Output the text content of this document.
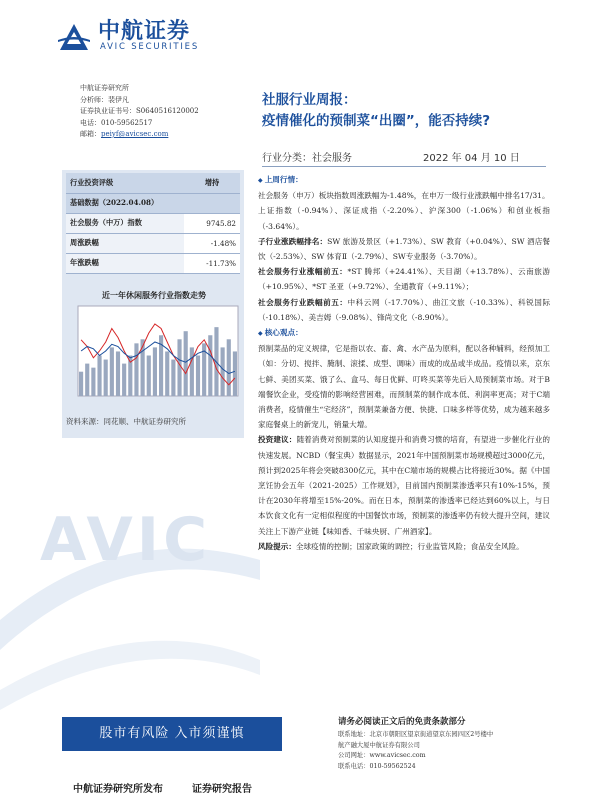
中航证券
AVIC SECURITIES
中航证券研究所
分析师：裴伊凡
证券执业证书号：S0640516120002
电话：010-59562517
邮箱：peiyf@avicsec.com
社服行业周报：
疫情催化的预制菜“出圈”，能否持续?
行业分类：社会服务	2022 年 04 月 10 日
AVIC
行业投资评级	增持
基础数据（2022.04.08）	
社会服务（中万）指数	9745.82
周涨跌幅	-1.48%
年涨跌幅	-11.73%
近一年休闲服务行业指数走势
资料来源：同花顺、中航证券研究所
◆ 上周行情：

社会服务（申万）板块指数周涨跌幅为-1.48%，在申万一级行业涨跌幅中排名17/31。

上证指数（-0.94%）、深证成指（-2.20%）、沪深300（-1.06%）和创业板指（-3.64%）。

子行业涨跌幅排名：SW 旅游及景区（+1.73%）、SW 教育（+0.04%）、SW 酒店餐饮（-2.53%）、SW 体育Ⅱ（-2.79%）、SW专业服务（-3.70%）。

社会服务行业涨幅前五：*ST 腾邦（+24.41%）、天目湖（+13.78%）、云南旅游（+10.95%）、*ST 圣亚（+9.72%）、全通教育（+9.11%）；

社会服务行业跌幅前五：中科云网（-17.70%）、曲江文旅（-10.33%）、科锐国际（-10.18%）、美吉姆（-9.08%）、锋尚文化（-8.90%）。

◆ 核心观点：

预制菜品的定义规律，它是指以农、畜、禽、水产品为原料，配以各种辅料，经预加工（如：分切、搅拌、腌制、滚揉、成型、调味）而成的成品或半成品。疫情以来，京东七鲜、美团买菜、饿了么、盒马、每日优鲜、叮咚买菜等先后入局预制菜市场。对于B端餐饮企业，受疫情的影响经营困难，而预制菜的制作成本低、利润率更高；对于C端消费者，疫情催生“宅经济”，预制菜兼备方便、快捷、口味多样等优势，成为越来越多家庭餐桌上的新宠儿，销量大增。

投资建议：随着消费对预制菜的认知度提升和消费习惯的培育，有望进一步催化行业的快速发展。NCBD（餐宝典）数据显示，2021年中国预制菜市场规模超过3000亿元，预计到2025年将会突破8300亿元，其中在C端市场的规模占比将接近30%。据《中国烹饪协会五年（2021-2025）工作规划》，目前国内预制菜渗透率只有10%-15%，预计在2030年将增至15%-20%。而在日本，预制菜的渗透率已经达到60%以上，与日本饮食文化有一定相似程度的中国餐饮市场，预制菜的渗透率仍有较大提升空间，建议关注上下游产业链【味知香、千味央厨、广州酒家】。

风险提示：全球疫情的控制；国家政策的调控；行业监管风险；食品安全风险。

股市有风险 入市须谨慎
中航证券研究所发布	证券研究报告
请务必阅读正文后的免责条款部分
联系地址：北京市朝阳区望京街道望京东园四区2号楼中
航产融大厦中航证券有限公司
公司网址：www.avicsec.com
联系电话：010-59562524
